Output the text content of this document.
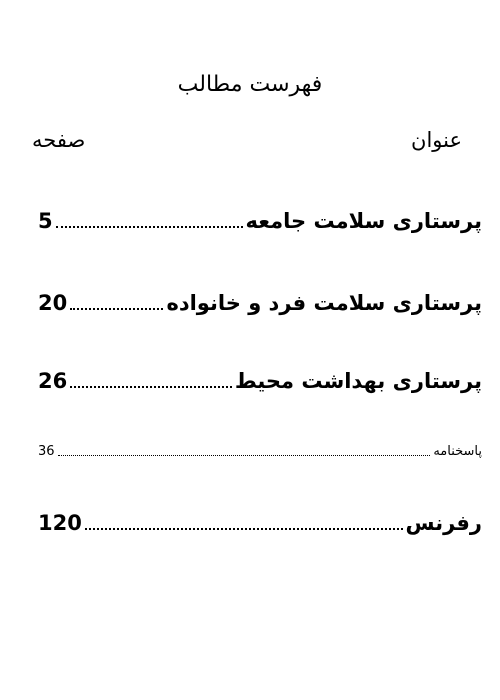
فهرست مطالب
عنوان
صفحه
پرستاری سلامت جامعه
5
پرستاری سلامت فرد و خانواده
20
پرستاری بهداشت محیط
26
پاسخنامه
36
رفرنس
120
